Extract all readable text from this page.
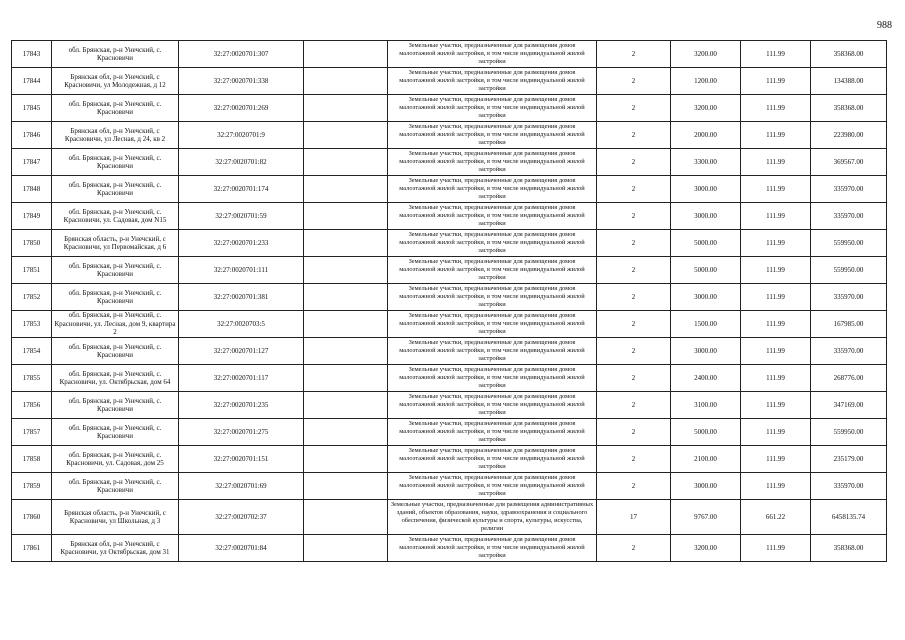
988
17843	обл. Брянская, р-н Унечский, с. Красновичи	32:27:0020701:307		Земельные участки, предназначенные для размещения домов малоэтажной жилой застройки, в том числе индивидуальной жилой застройки	2	3200.00	111.99	358368.00
17844	Брянская обл, р-н Унечский, с Красновичи, ул Молодежная, д 12	32:27:0020701:338		Земельные участки, предназначенные для размещения домов малоэтажной жилой застройки, в том числе индивидуальной жилой застройки	2	1200.00	111.99	134388.00
17845	обл. Брянская, р-н Унечский, с. Красновичи	32:27:0020701:269		Земельные участки, предназначенные для размещения домов малоэтажной жилой застройки, в том числе индивидуальной жилой застройки	2	3200.00	111.99	358368.00
17846	Брянская обл, р-н Унечский, с Красновичи, ул Лесная, д 24, кв 2	32:27:0020701:9		Земельные участки, предназначенные для размещения домов малоэтажной жилой застройки, в том числе индивидуальной жилой застройки	2	2000.00	111.99	223980.00
17847	обл. Брянская, р-н Унечский, с. Красновичи	32:27:0020701:82		Земельные участки, предназначенные для размещения домов малоэтажной жилой застройки, в том числе индивидуальной жилой застройки	2	3300.00	111.99	369567.00
17848	обл. Брянская, р-н Унечский, с. Красновичи	32:27:0020701:174		Земельные участки, предназначенные для размещения домов малоэтажной жилой застройки, в том числе индивидуальной жилой застройки	2	3000.00	111.99	335970.00
17849	обл. Брянская, р-н Унечский, с. Красновичи, ул. Садовая, дом N15	32:27:0020701:59		Земельные участки, предназначенные для размещения домов малоэтажной жилой застройки, в том числе индивидуальной жилой застройки	2	3000.00	111.99	335970.00
17850	Брянская область, р-н Унечский, с Красновичи, ул Первомайская, д 6	32:27:0020701:233		Земельные участки, предназначенные для размещения домов малоэтажной жилой застройки, в том числе индивидуальной жилой застройки	2	5000.00	111.99	559950.00
17851	обл. Брянская, р-н Унечский, с. Красновичи	32:27:0020701:111		Земельные участки, предназначенные для размещения домов малоэтажной жилой застройки, в том числе индивидуальной жилой застройки	2	5000.00	111.99	559950.00
17852	обл. Брянская, р-н Унечский, с. Красновичи	32:27:0020701:381		Земельные участки, предназначенные для размещения домов малоэтажной жилой застройки, в том числе индивидуальной жилой застройки	2	3000.00	111.99	335970.00
17853	обл. Брянская, р-н Унечский, с. Красновичи, ул. Лесная, дом 9, квартира 2	32:27:0020703:5		Земельные участки, предназначенные для размещения домов малоэтажной жилой застройки, в том числе индивидуальной жилой застройки	2	1500.00	111.99	167985.00
17854	обл. Брянская, р-н Унечский, с. Красновичи	32:27:0020701:127		Земельные участки, предназначенные для размещения домов малоэтажной жилой застройки, в том числе индивидуальной жилой застройки	2	3000.00	111.99	335970.00
17855	обл. Брянская, р-н Унечский, с. Красновичи, ул. Октябрьская, дом 64	32:27:0020701:117		Земельные участки, предназначенные для размещения домов малоэтажной жилой застройки, в том числе индивидуальной жилой застройки	2	2400.00	111.99	268776.00
17856	обл. Брянская, р-н Унечский, с. Красновичи	32:27:0020701:235		Земельные участки, предназначенные для размещения домов малоэтажной жилой застройки, в том числе индивидуальной жилой застройки	2	3100.00	111.99	347169.00
17857	обл. Брянская, р-н Унечский, с. Красновичи	32:27:0020701:275		Земельные участки, предназначенные для размещения домов малоэтажной жилой застройки, в том числе индивидуальной жилой застройки	2	5000.00	111.99	559950.00
17858	обл. Брянская, р-н Унечский, с. Красновичи, ул. Садовая, дом 25	32:27:0020701:151		Земельные участки, предназначенные для размещения домов малоэтажной жилой застройки, в том числе индивидуальной жилой застройки	2	2100.00	111.99	235179.00
17859	обл. Брянская, р-н Унечский, с. Красновичи	32:27:0020701:69		Земельные участки, предназначенные для размещения домов малоэтажной жилой застройки, в том числе индивидуальной жилой застройки	2	3000.00	111.99	335970.00
17860	Брянская область, р-н Унечский, с Красновичи, ул Школьная, д 3	32:27:0020702:37		Земельные участки, предназначенные для размещения административных зданий, объектов образования, науки, здравоохранения и социального обеспечения, физической культуры и спорта, культуры, искусства, религии	17	9767.00	661.22	6458135.74
17861	Брянская обл, р-н Унечский, с Красновичи, ул Октябрьская, дом 31	32:27:0020701:84		Земельные участки, предназначенные для размещения домов малоэтажной жилой застройки, в том числе индивидуальной жилой застройки	2	3200.00	111.99	358368.00
